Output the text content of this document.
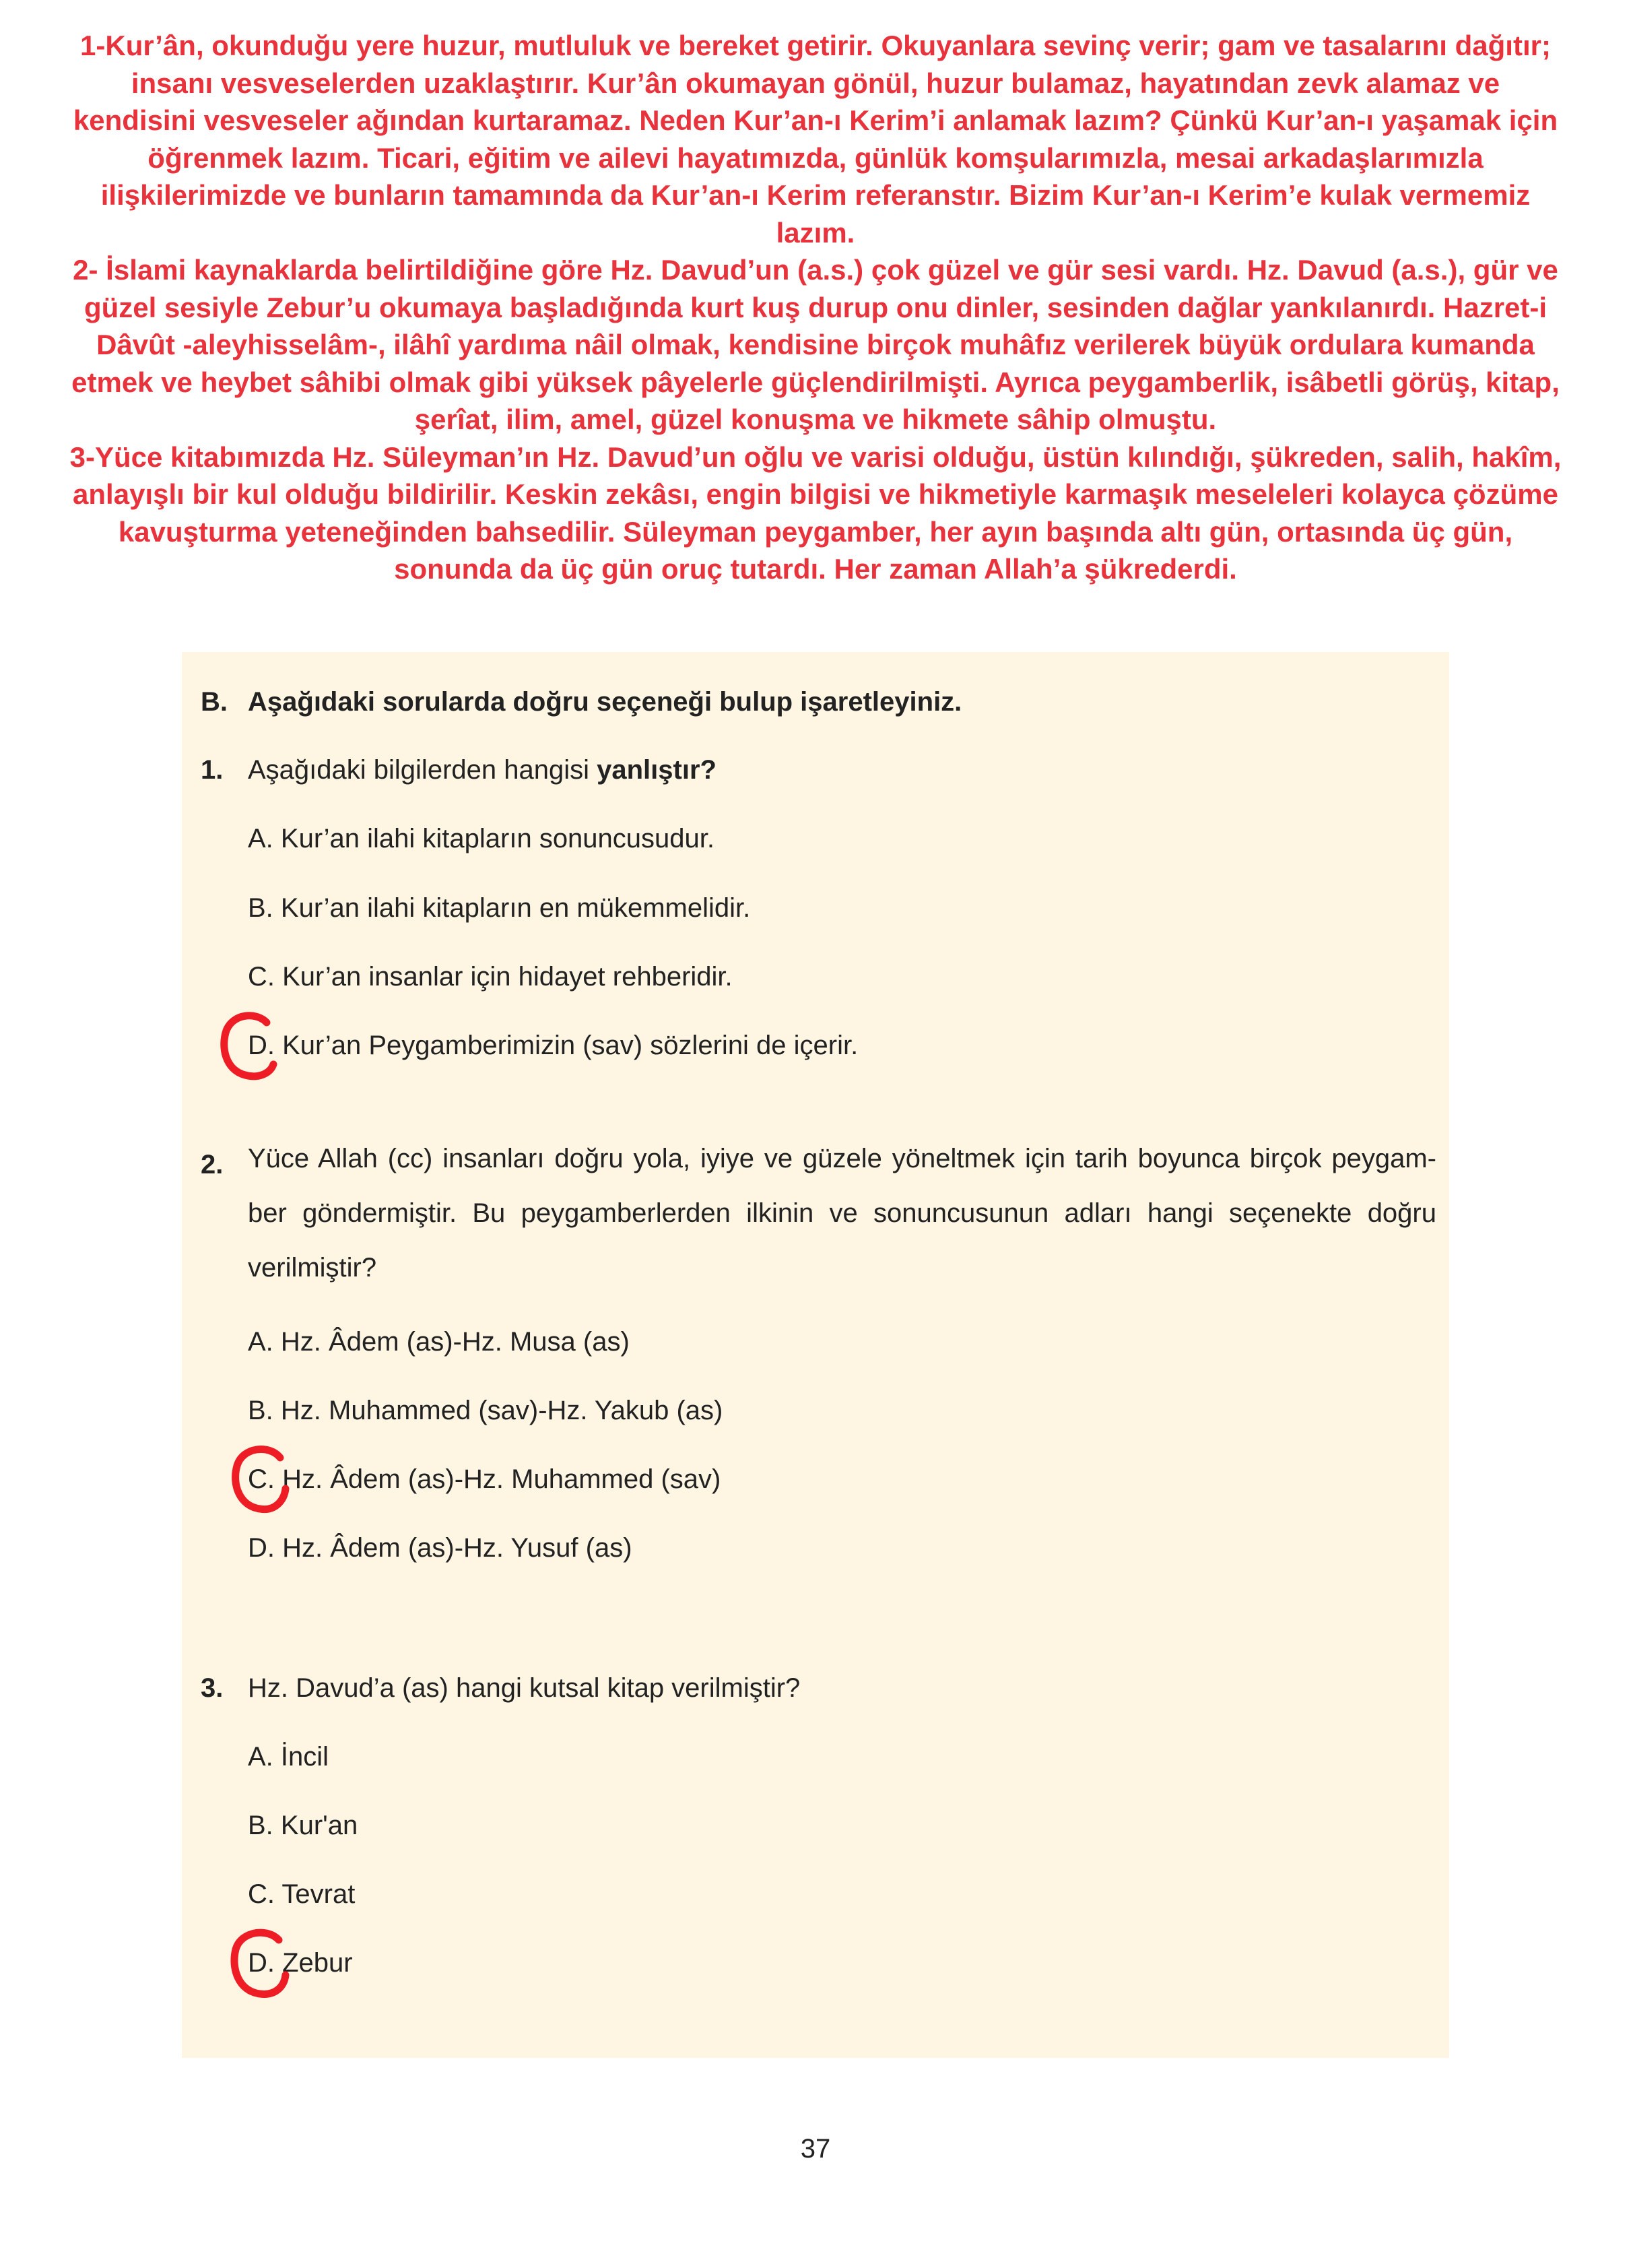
1-Kur’ân, okunduğu yere huzur, mutluluk ve bereket getirir. Okuyanlara sevinç verir; gam ve tasalarını dağıtır; insanı vesveselerden uzaklaştırır. Kur’ân okumayan gönül, huzur bulamaz, hayatından zevk alamaz ve kendisini vesveseler ağından kurtaramaz. Neden Kur’an-ı Kerim’i anlamak lazım? Çünkü Kur’an-ı yaşamak için öğrenmek lazım. Ticari, eğitim ve ailevi hayatımızda, günlük komşularımızla, mesai arkadaşlarımızla ilişkilerimizde ve bunların tamamında da Kur’an-ı Kerim referanstır. Bizim Kur’an-ı Kerim’e kulak vermemiz lazım.

2- İslami kaynaklarda belirtildiğine göre Hz. Davud’un (a.s.) çok güzel ve gür sesi vardı. Hz. Davud (a.s.), gür ve güzel sesiyle Zebur’u okumaya başladığında kurt kuş durup onu dinler, sesinden dağlar yankılanırdı. Hazret-i Dâvût -aleyhisselâm-, ilâhî yardıma nâil olmak, kendisine birçok muhâfız verilerek büyük ordulara kumanda etmek ve heybet sâhibi olmak gibi yüksek pâyelerle güçlendirilmişti. Ayrıca peygamberlik, isâbetli görüş, kitap, şerîat, ilim, amel, güzel konuşma ve hikmete sâhip olmuştu.

3-Yüce kitabımızda Hz. Süleyman’ın Hz. Davud’un oğlu ve varisi olduğu, üstün kılındığı, şükreden, salih, hakîm, anlayışlı bir kul olduğu bildirilir. Keskin zekâsı, engin bilgisi ve hikmetiyle karmaşık meseleleri kolayca çözüme kavuşturma yeteneğinden bahsedilir. Süleyman peygamber, her ayın başında altı gün, ortasında üç gün, sonunda da üç gün oruç tutardı. Her zaman Allah’a şükrederdi.

B. Aşağıdaki sorularda doğru seçeneği bulup işaretleyiniz.
1. Aşağıdaki bilgilerden hangisi yanlıştır?
A. Kur’an ilahi kitapların sonuncusudur.
B. Kur’an ilahi kitapların en mükemmelidir.
C. Kur’an insanlar için hidayet rehberidir.
D. Kur’an Peygamberimizin (sav) sözlerini de içerir.
2. Yüce Allah (cc) insanları doğru yola, iyiye ve güzele yöneltmek için tarih boyunca birçok peygam- ber göndermiştir. Bu peygamberlerden ilkinin ve sonuncusunun adları hangi seçenekte doğru verilmiştir?

A. Hz. Âdem (as)-Hz. Musa (as)
B. Hz. Muhammed (sav)-Hz. Yakub (as)
C. Hz. Âdem (as)-Hz. Muhammed (sav)
D. Hz. Âdem (as)-Hz. Yusuf (as)
3. Hz. Davud’a (as) hangi kutsal kitap verilmiştir?
A. İncil
B. Kur'an
C. Tevrat
D. Zebur
37
